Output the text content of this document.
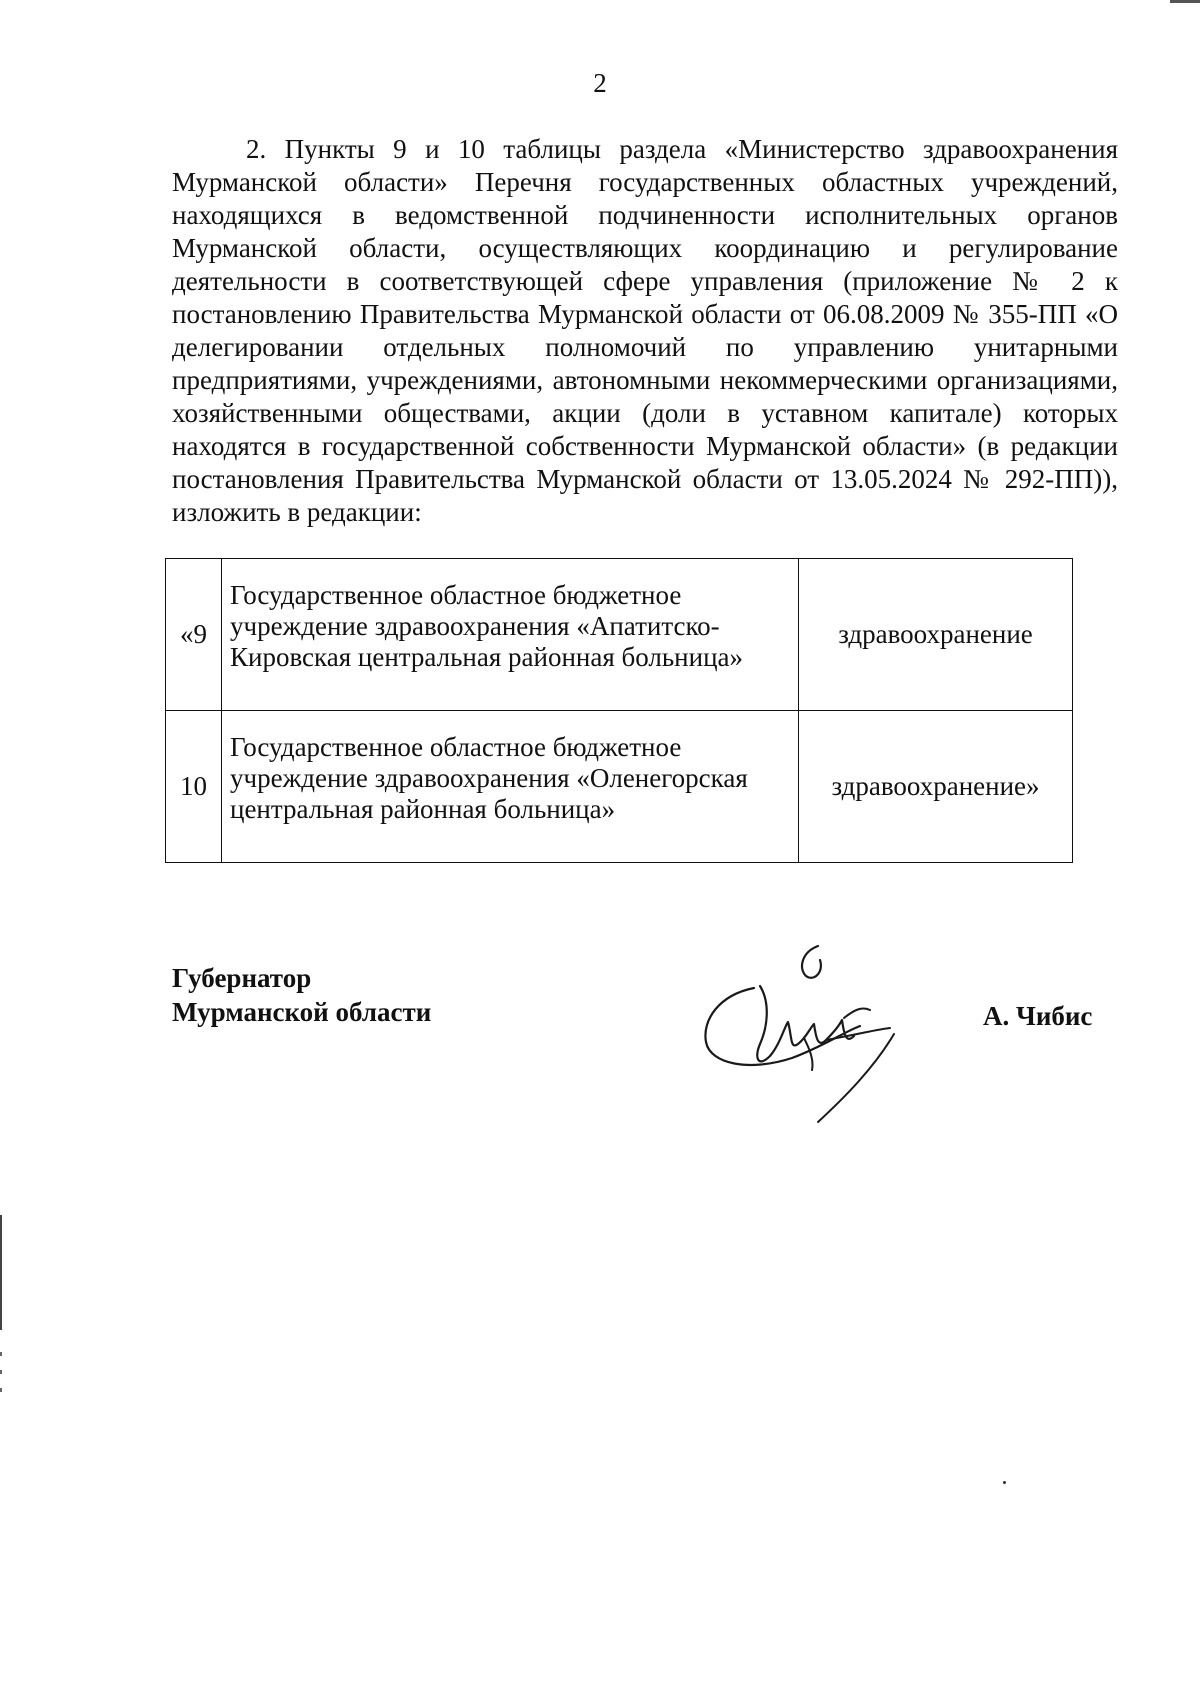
2

2. Пункты 9 и 10 таблицы раздела «Министерство здравоохранения Мурманской области» Перечня государственных областных учреждений, находящихся в ведомственной подчиненности исполнительных органов Мурманской области, осуществляющих координацию и регулирование деятельности в соответствующей сфере управления (приложение № 2 к постановлению Правительства Мурманской области от 06.08.2009 № 355-ПП «О делегировании отдельных полномочий по управлению унитарными предприятиями, учреждениями, автономными некоммерческими организациями, хозяйственными обществами, акции (доли в уставном капитале) которых находятся в государственной собственности Мурманской области» (в редакции постановления Правительства Мурманской области от 13.05.2024 № 292-ПП)), изложить в редакции:

«9	Государственное областное бюджетное учреждение здравоохранения «Апатитско-Кировская центральная районная больница»	здравоохранение
10	Государственное областное бюджетное учреждение здравоохранения «Оленегорская центральная районная больница»	здравоохранение»
Губернатор
Мурманской области	А. Чибис
